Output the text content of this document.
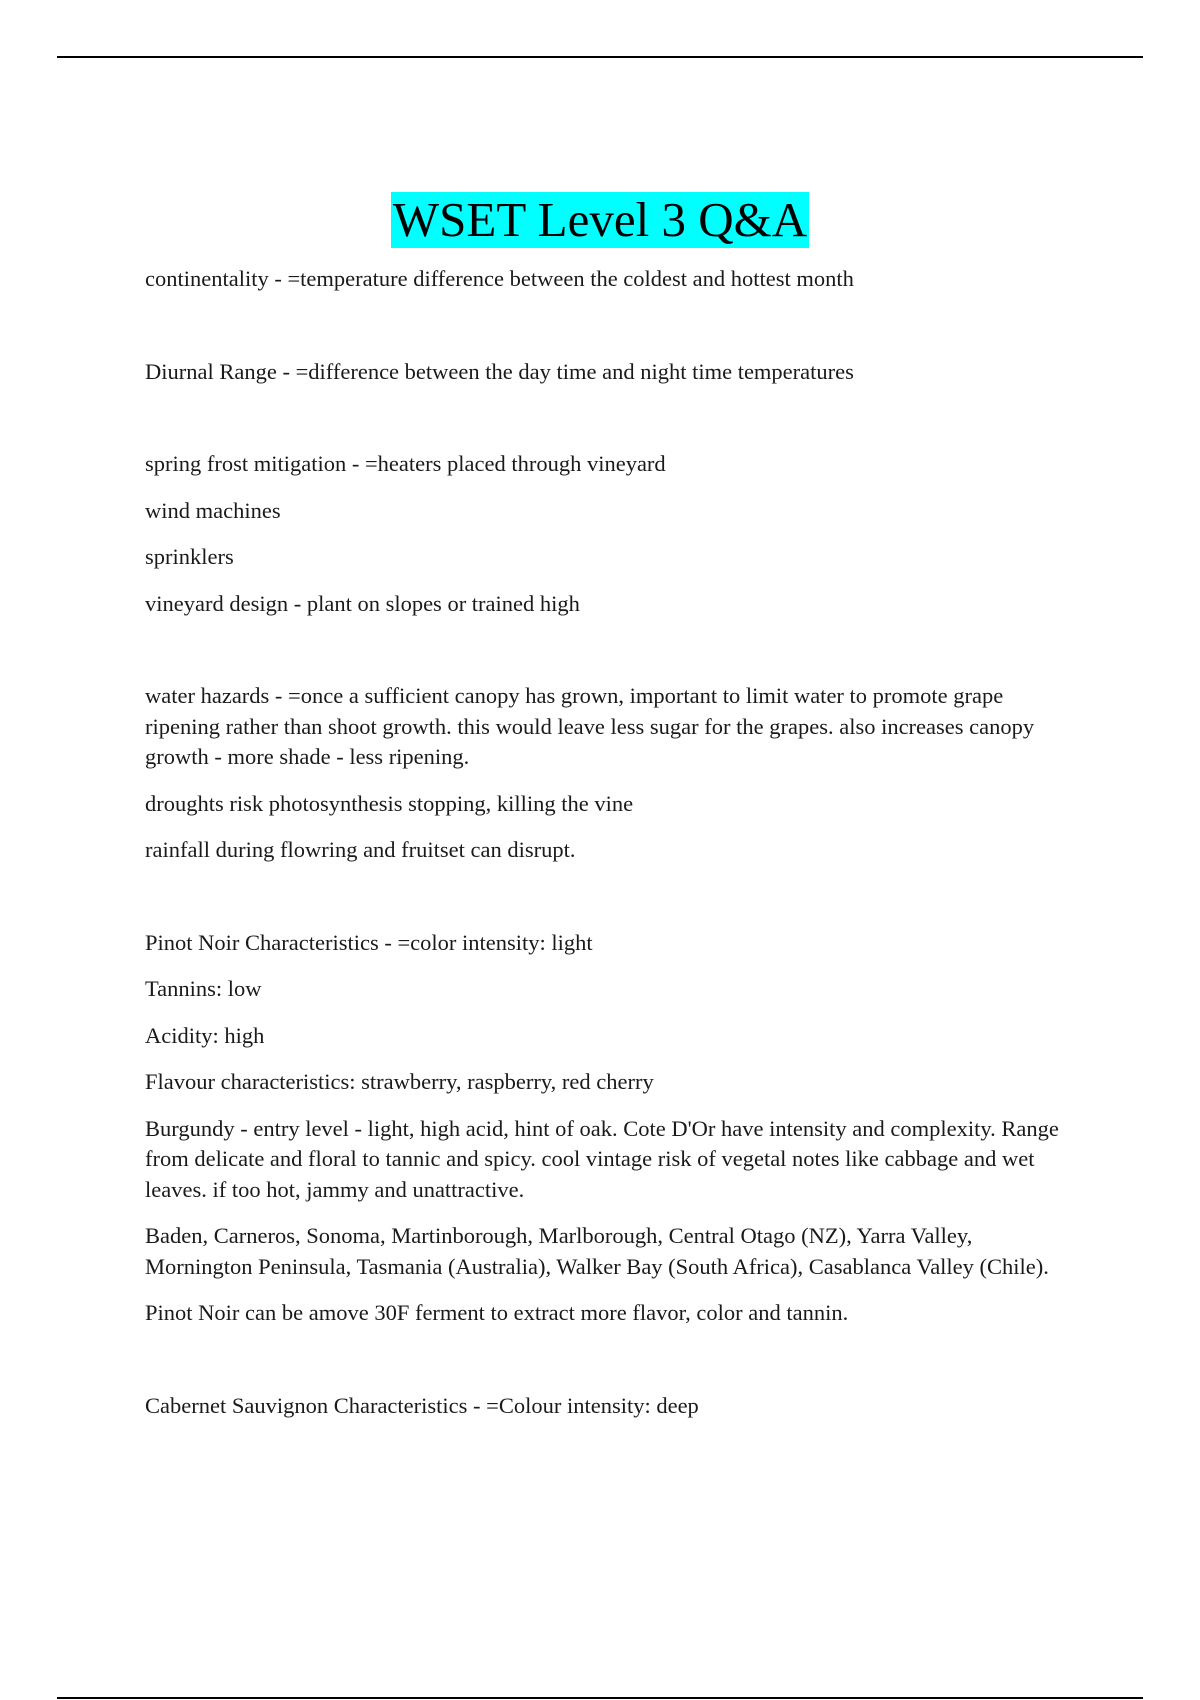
WSET Level 3 Q&A

continentality - =temperature difference between the coldest and hottest month

Diurnal Range - =difference between the day time and night time temperatures

spring frost mitigation - =heaters placed through vineyard

wind machines

sprinklers

vineyard design - plant on slopes or trained high

water hazards - =once a sufficient canopy has grown, important to limit water to promote grape ripening rather than shoot growth. this would leave less sugar for the grapes. also increases canopy growth - more shade - less ripening.

droughts risk photosynthesis stopping, killing the vine

rainfall during flowring and fruitset can disrupt.

Pinot Noir Characteristics - =color intensity: light

Tannins: low

Acidity: high

Flavour characteristics: strawberry, raspberry, red cherry

Burgundy - entry level - light, high acid, hint of oak. Cote D'Or have intensity and complexity. Range from delicate and floral to tannic and spicy. cool vintage risk of vegetal notes like cabbage and wet leaves. if too hot, jammy and unattractive.

Baden, Carneros, Sonoma, Martinborough, Marlborough, Central Otago (NZ), Yarra Valley, Mornington Peninsula, Tasmania (Australia), Walker Bay (South Africa), Casablanca Valley (Chile).

Pinot Noir can be amove 30F ferment to extract more flavor, color and tannin.

Cabernet Sauvignon Characteristics - =Colour intensity: deep
